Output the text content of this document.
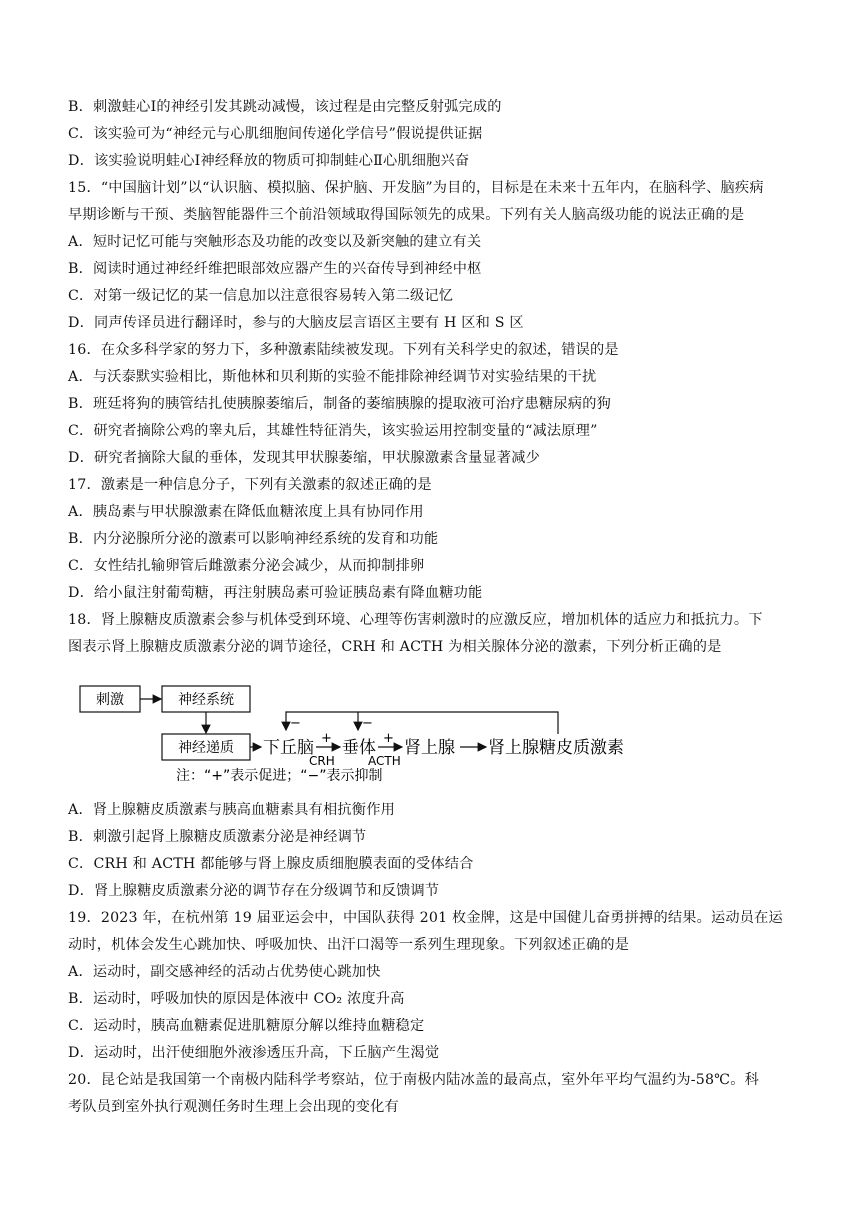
B．刺激蛙心Ⅰ的神经引发其跳动减慢，该过程是由完整反射弧完成的
C．该实验可为“神经元与心肌细胞间传递化学信号”假说提供证据
D．该实验说明蛙心Ⅰ神经释放的物质可抑制蛙心Ⅱ心肌细胞兴奋
15．“中国脑计划”以“认识脑、模拟脑、保护脑、开发脑”为目的，目标是在未来十五年内，在脑科学、脑疾病
早期诊断与干预、类脑智能器件三个前沿领域取得国际领先的成果。下列有关人脑高级功能的说法正确的是
A．短时记忆可能与突触形态及功能的改变以及新突触的建立有关
B．阅读时通过神经纤维把眼部效应器产生的兴奋传导到神经中枢
C．对第一级记忆的某一信息加以注意很容易转入第二级记忆
D．同声传译员进行翻译时，参与的大脑皮层言语区主要有 H 区和 S 区
16．在众多科学家的努力下，多种激素陆续被发现。下列有关科学史的叙述，错误的是
A．与沃泰默实验相比，斯他林和贝利斯的实验不能排除神经调节对实验结果的干扰
B．班廷将狗的胰管结扎使胰腺萎缩后，制备的萎缩胰腺的提取液可治疗患糖尿病的狗
C．研究者摘除公鸡的睾丸后，其雄性特征消失，该实验运用控制变量的“减法原理”
D．研究者摘除大鼠的垂体，发现其甲状腺萎缩，甲状腺激素含量显著减少
17．激素是一种信息分子，下列有关激素的叙述正确的是
A．胰岛素与甲状腺激素在降低血糖浓度上具有协同作用
B．内分泌腺所分泌的激素可以影响神经系统的发育和功能
C．女性结扎输卵管后雌激素分泌会减少，从而抑制排卵
D．给小鼠注射葡萄糖，再注射胰岛素可验证胰岛素有降血糖功能
18．肾上腺糖皮质激素会参与机体受到环境、心理等伤害刺激时的应激反应，增加机体的适应力和抵抗力。下
图表示肾上腺糖皮质激素分泌的调节途径，CRH 和 ACTH 为相关腺体分泌的激素，下列分析正确的是
刺激	神经系统
神经递质 下丘脑 垂体 肾上腺 肾上腺糖皮质激素
+	+
CRH	ACTH
−	−
注：“+”表示促进；“−”表示抑制
A．肾上腺糖皮质激素与胰高血糖素具有相抗衡作用
B．刺激引起肾上腺糖皮质激素分泌是神经调节
C．CRH 和 ACTH 都能够与肾上腺皮质细胞膜表面的受体结合
D．肾上腺糖皮质激素分泌的调节存在分级调节和反馈调节
19．2023 年，在杭州第 19 届亚运会中，中国队获得 201 枚金牌，这是中国健儿奋勇拼搏的结果。运动员在运
动时，机体会发生心跳加快、呼吸加快、出汗口渴等一系列生理现象。下列叙述正确的是
A．运动时，副交感神经的活动占优势使心跳加快
B．运动时，呼吸加快的原因是体液中 CO₂ 浓度升高
C．运动时，胰高血糖素促进肌糖原分解以维持血糖稳定
D．运动时，出汗使细胞外液渗透压升高，下丘脑产生渴觉
20．昆仑站是我国第一个南极内陆科学考察站，位于南极内陆冰盖的最高点，室外年平均气温约为-58℃。科
考队员到室外执行观测任务时生理上会出现的变化有
